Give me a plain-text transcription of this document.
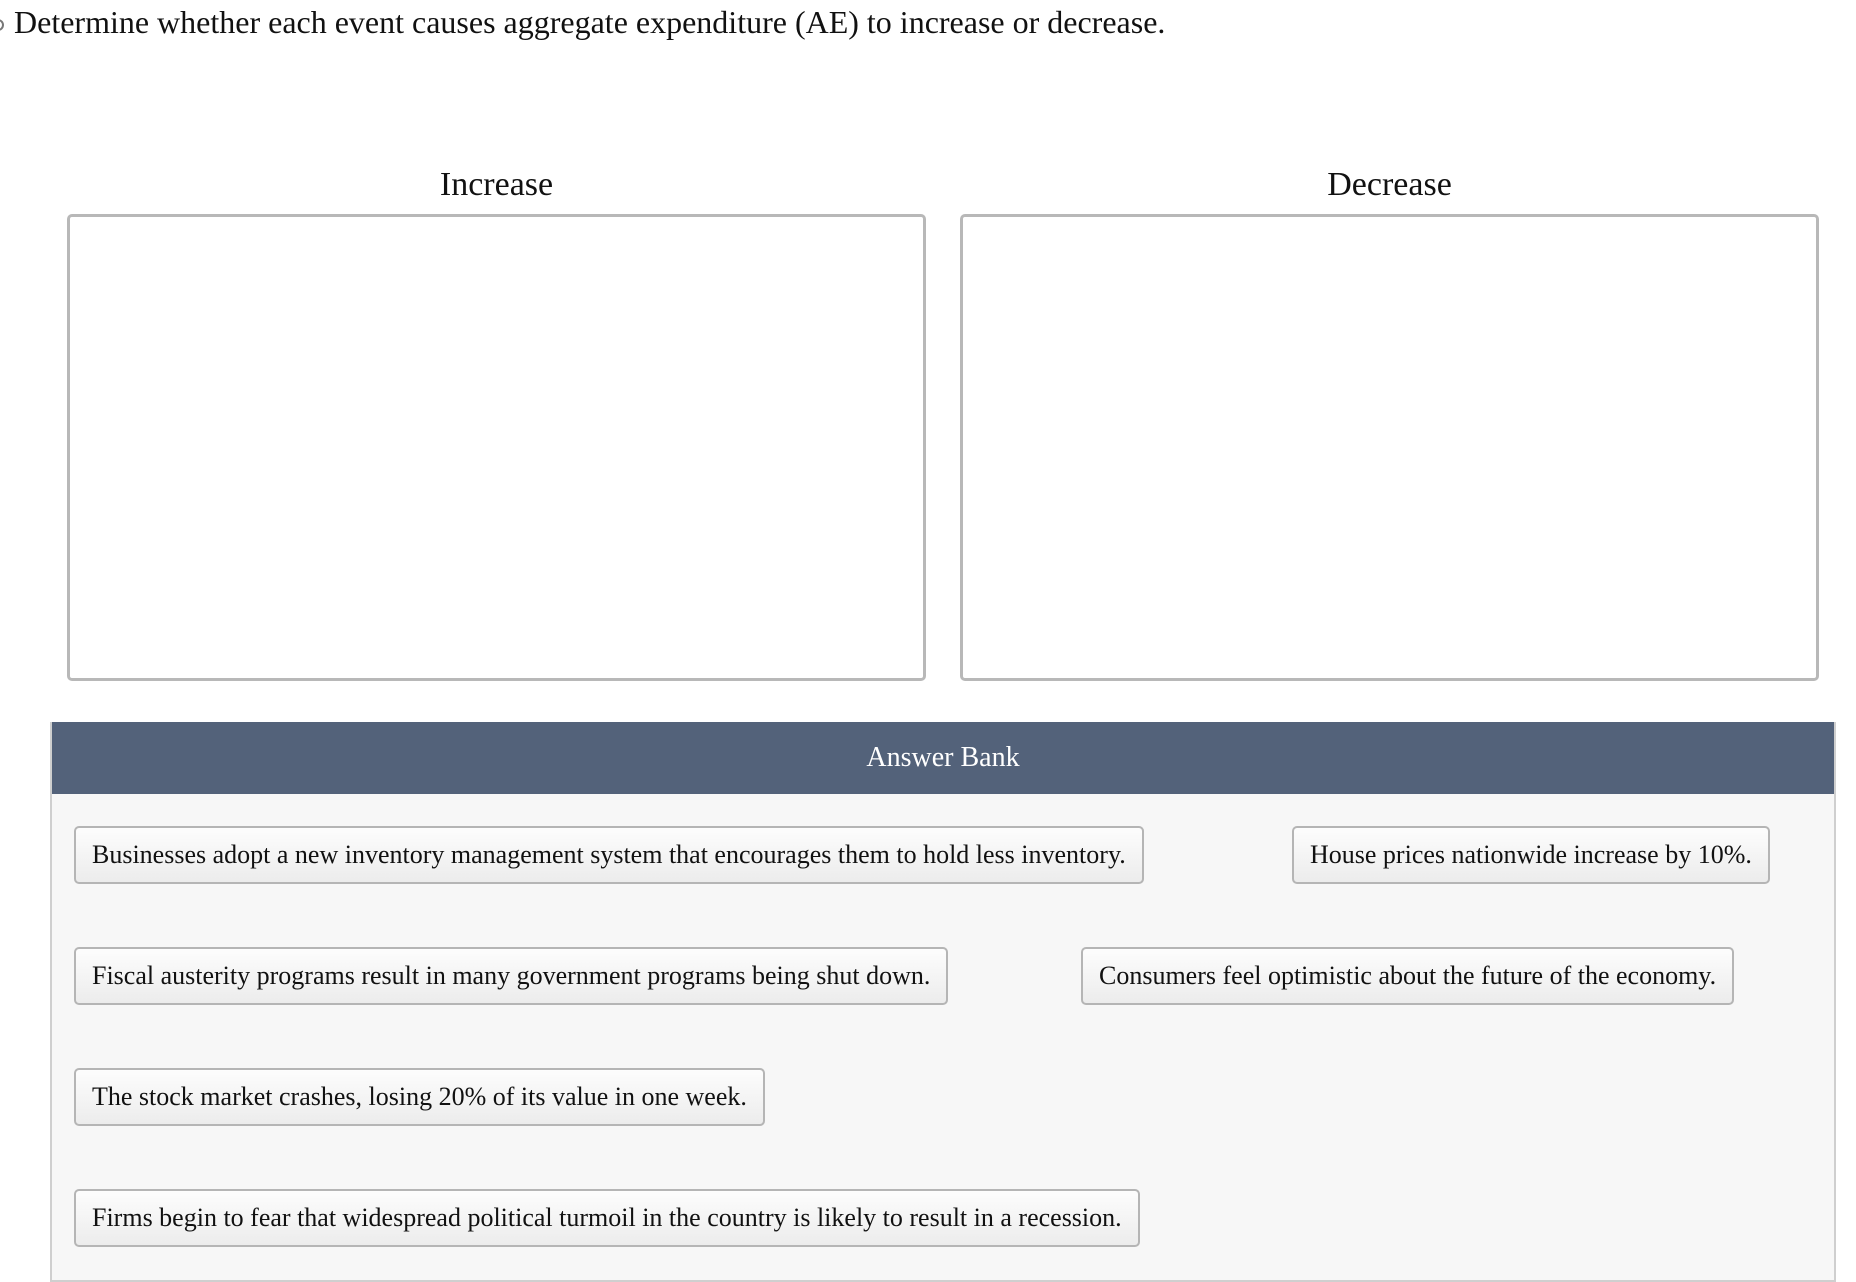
Determine whether each event causes aggregate expenditure (AE) to increase or decrease.
Increase	Decrease
Answer Bank
Businesses adopt a new inventory management system that encourages them to hold less inventory.	House prices nationwide increase by 10%.
Fiscal austerity programs result in many government programs being shut down.	Consumers feel optimistic about the future of the economy.
The stock market crashes, losing 20% of its value in one week.
Firms begin to fear that widespread political turmoil in the country is likely to result in a recession.
